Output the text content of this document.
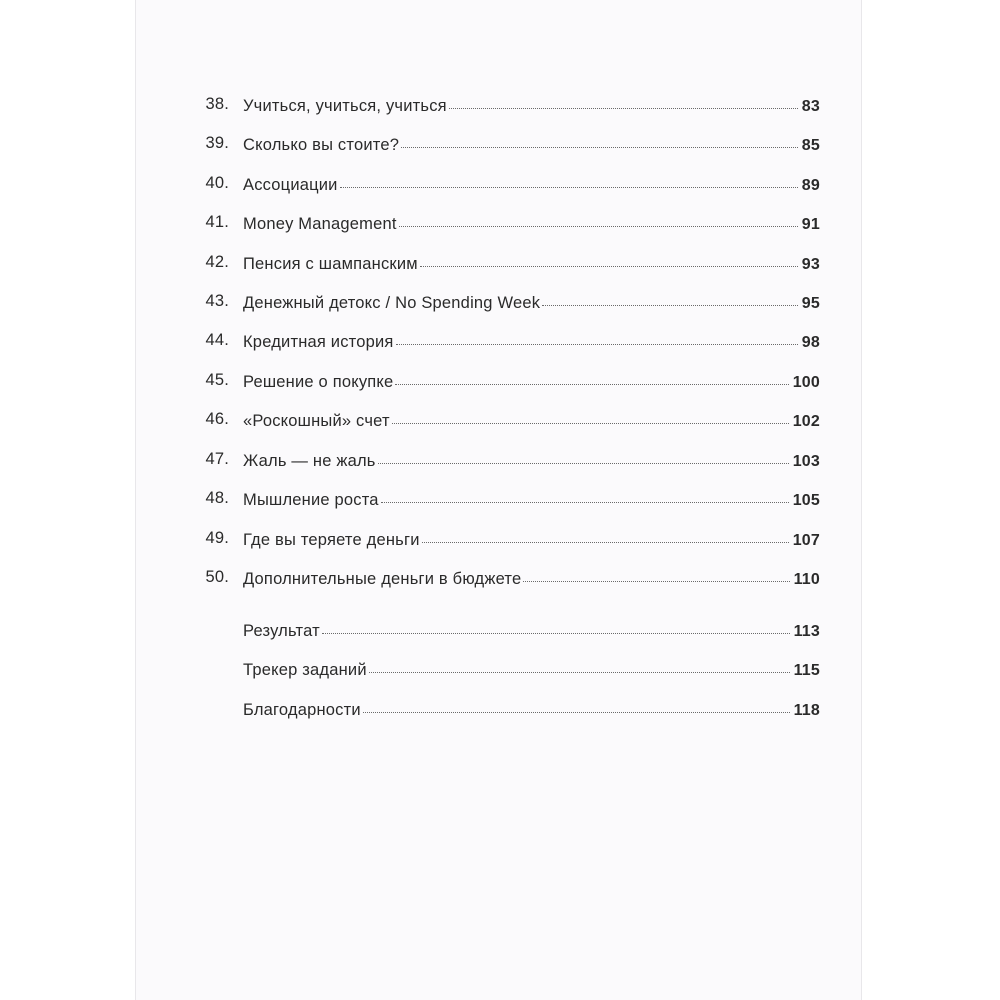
38. Учиться, учиться, учиться	83
39. Сколько вы стоите?	85
40. Ассоциации	89
41. Money Management	91
42. Пенсия с шампанским	93
43. Денежный детокс / No Spending Week	95
44. Кредитная история	98
45. Решение о покупке	100
46. «Роскошный» счет	102
47. Жаль — не жаль	103
48. Мышление роста	105
49. Где вы теряете деньги	107
50. Дополнительные деньги в бюджете	110
Результат	113
Трекер заданий	115
Благодарности	118
